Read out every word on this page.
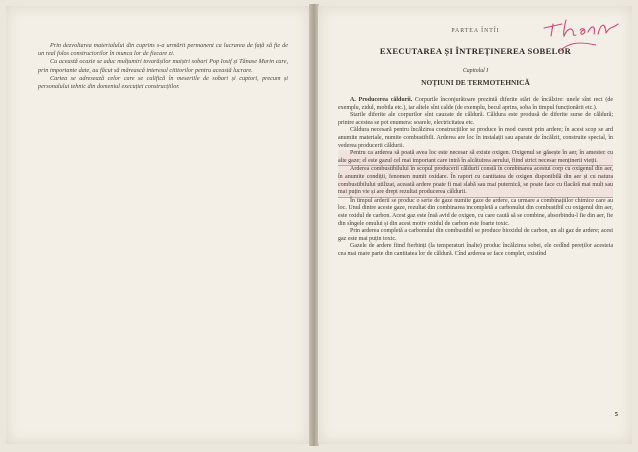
Prin dezvoltarea materialului din cuprins s-a urmărit permanent ca lucrarea de față să fie de un real folos constructorilor în munca lor de fiecare zi.

Cu această ocazie se aduc mulțumiri tovarășilor maiștri sobari Pop Iosif și Tănase Marin care, prin importante date, au făcut să mărească interesul cititorilor pentru această lucrare.

Cartea se adresează celor care se califică în meseriile de sobari și cuptori, precum și personalului tehnic din domeniul execuției construcțiilor.

PARTEA ÎNTÎI
EXECUTAREA ȘI ÎNTREȚINEREA SOBELOR
Capitolul I
NOȚIUNI DE TERMOTEHNICĂ

A. Producerea căldurii. Corpurile înconjurătoare prezintă diferite stări de încălzire: unele sînt reci (de exemplu, zidul, mobila etc.), iar altele sînt calde (de exemplu, becul aprins, soba în timpul funcționării etc.).

Starile diferite ale corpurilor sînt cauzate de căldură. Căldura este produsă de diferite surse de căldură; printre acestea se pot enumera: soarele, electricitatea etc.

Căldura necesară pentru încălzirea construcțiilor se produce în mod curent prin ardere; în acest scop se ard anumite materiale, numite combustibili. Arderea are loc în instalații sau aparate de încălzit, construite special, în vederea producerii căldurii.

Pentru ca arderea să poată avea loc este necesar să existe oxigen. Oxigenul se găsește în aer, în amestec cu alte gaze; el este gazul cel mai important care intră în alcătuirea aerului, fiind strict necesar menținerii vieții.

Arderea combustibilului în scopul producerii căldurii constă în combinarea acestui corp cu oxigenul din aer, în anumite condiții, fenomen numit oxidare. În raport cu cantitatea de oxigen disponibilă din aer și cu natura combustibilului utilizat, această ardere poate fi mai slabă sau mai puternică, se poate face cu flacără mai mult sau mai puțin vie și are drept rezultat producerea căldurii.

În timpul arderii se produc o serie de gaze numite gaze de ardere, ca urmare a combinațiilor chimice care au loc. Unul dintre aceste gaze, rezultat din combinarea incompletă a carbonului din combustibil cu oxigenul din aer, este oxidul de carbon. Acest gaz este însă avid de oxigen, cu care caută să se combine, absorbindu-l fie din aer, fie din sîngele omului și din acest motiv oxidul de carbon este foarte toxic.

Prin arderea completă a carbonului din combustibil se produce bioxidul de carbon, un alt gaz de ardere; acest gaz este mai puțin toxic.

Gazele de ardere fiind fierbinți (la temperaturi înalte) produc încălzirea sobei, ele cedînd pereților acesteia cea mai mare parte din cantitatea lor de căldură. Cînd arderea se face complet, existînd

5
